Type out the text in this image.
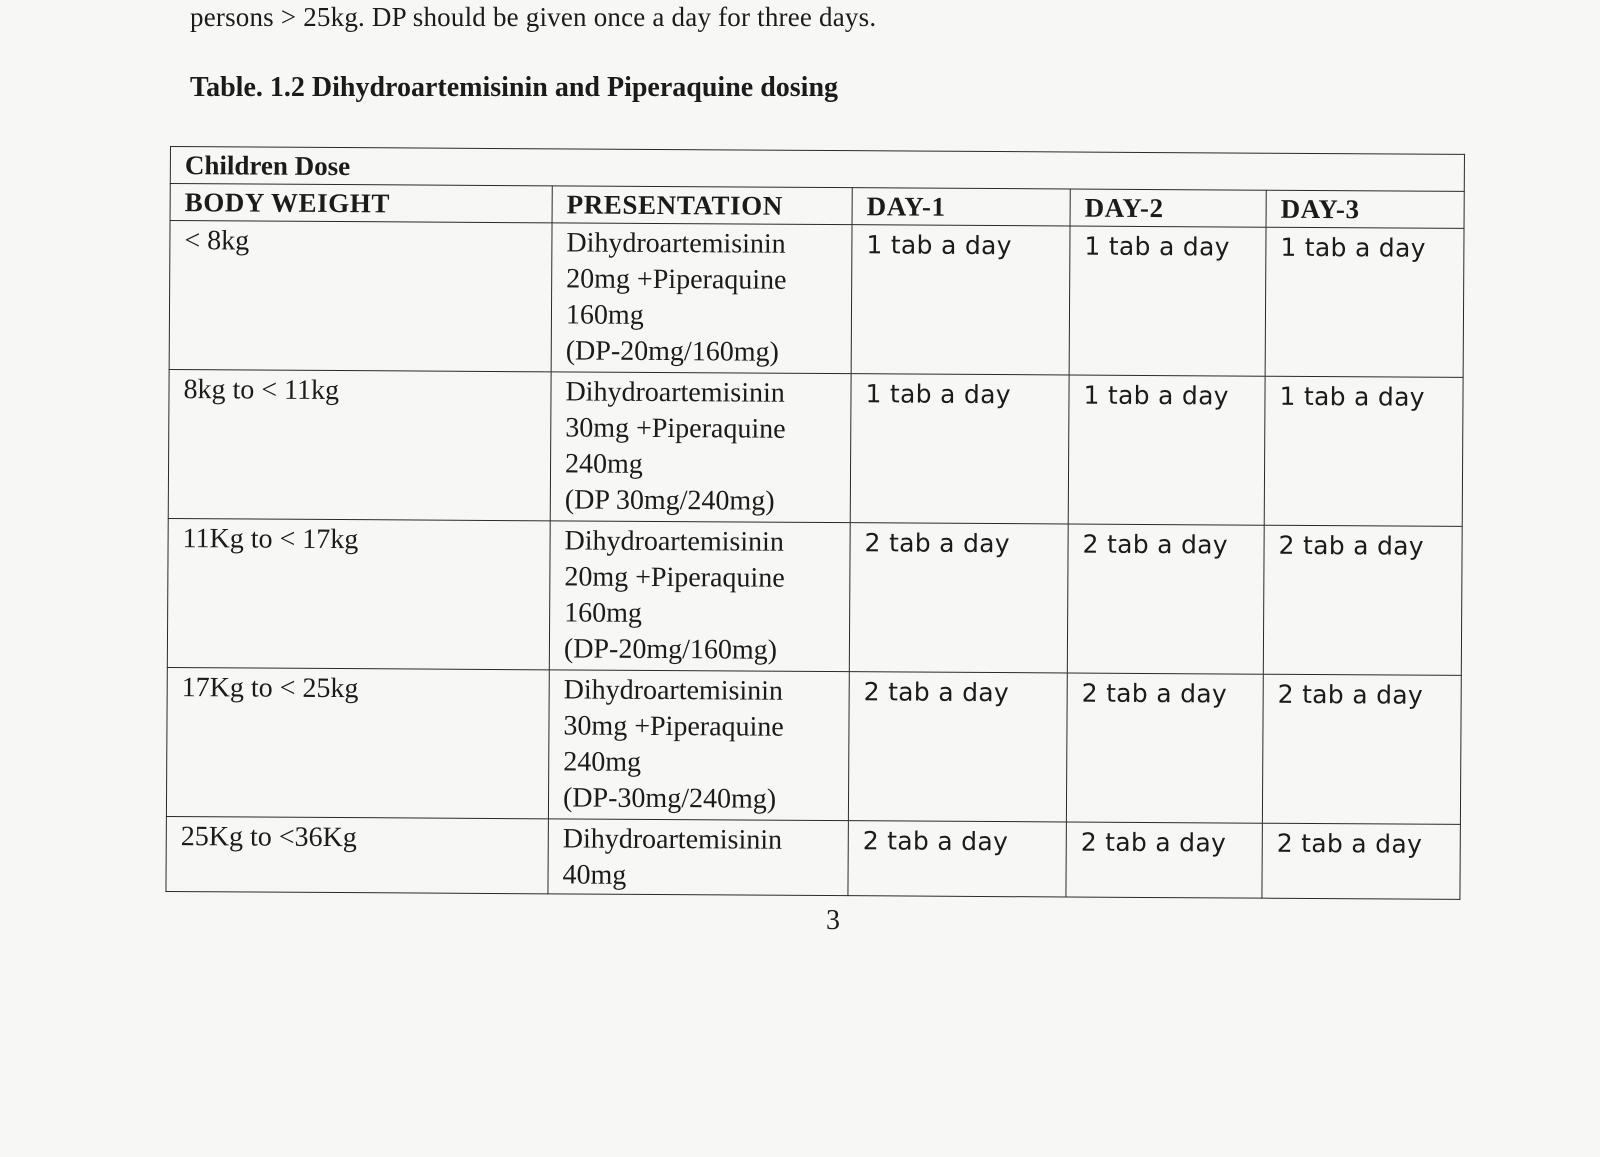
persons > 25kg. DP should be given once a day for three days.
Table. 1.2 Dihydroartemisinin and Piperaquine dosing
Children Dose				
BODY WEIGHT	PRESENTATION	DAY-1	DAY-2	DAY-3
< 8kg	Dihydroartemisinin
20mg +Piperaquine
160mg
(DP-20mg/160mg)	1 tab a day	1 tab a day	1 tab a day
8kg to < 11kg	Dihydroartemisinin
30mg +Piperaquine
240mg
(DP 30mg/240mg)	1 tab a day	1 tab a day	1 tab a day
11Kg to < 17kg	Dihydroartemisinin
20mg +Piperaquine
160mg
(DP-20mg/160mg)	2 tab a day	2 tab a day	2 tab a day
17Kg to < 25kg	Dihydroartemisinin
30mg +Piperaquine
240mg
(DP-30mg/240mg)	2 tab a day	2 tab a day	2 tab a day
25Kg to <36Kg	Dihydroartemisinin
40mg	2 tab a day	2 tab a day	2 tab a day
3
